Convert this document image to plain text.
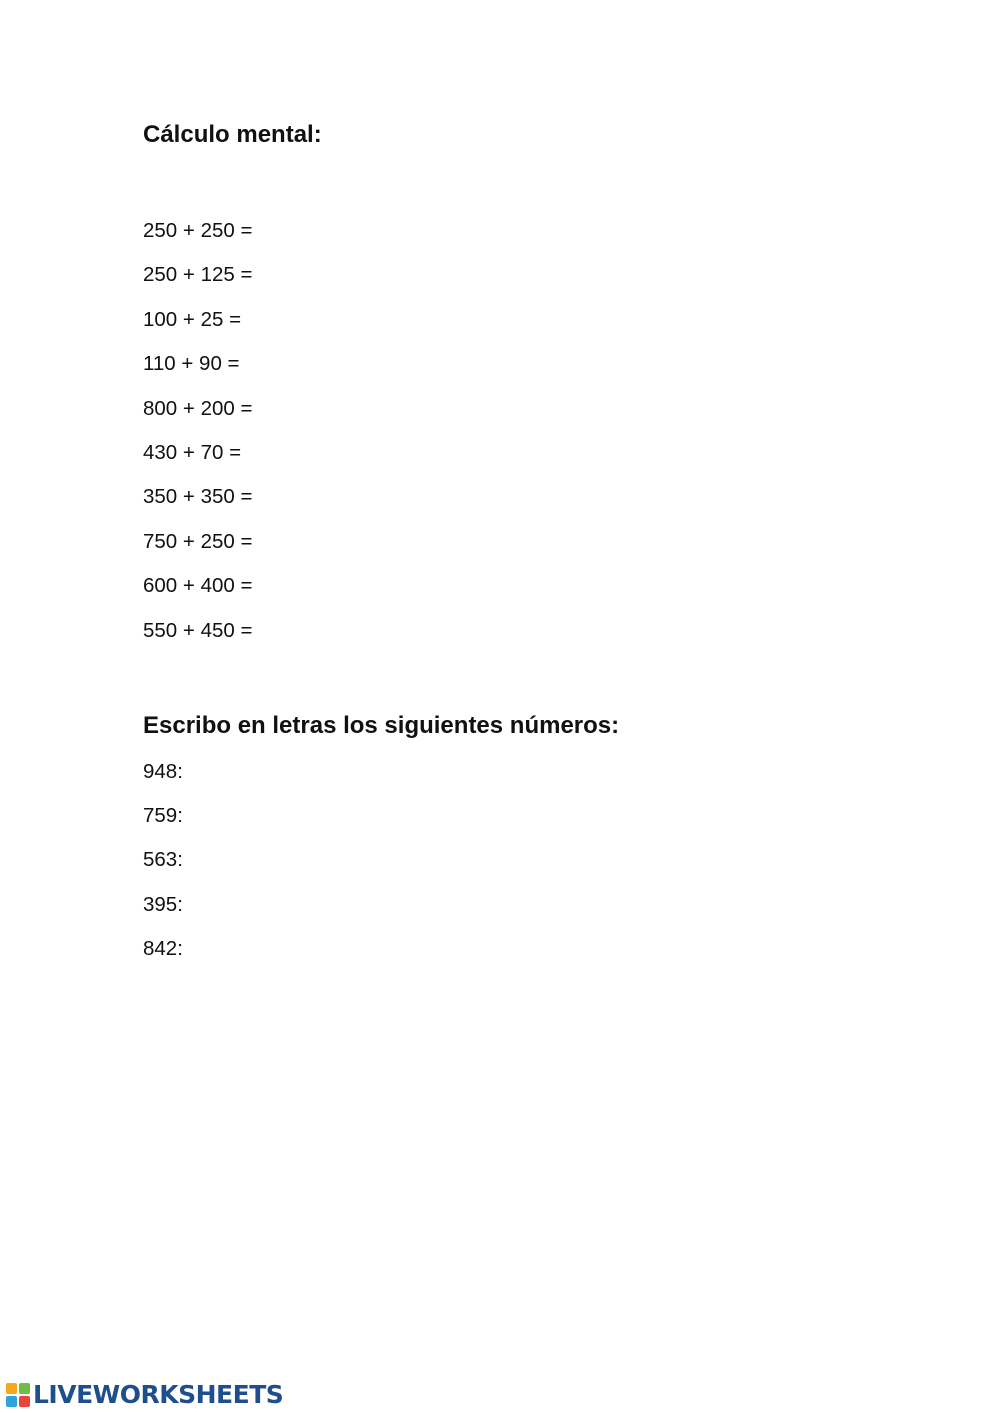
Cálculo mental:
250 + 250 =
250 + 125 =
100 + 25 =
110 + 90 =
800 + 200 =
430 + 70 =
350 + 350 =
750 + 250 =
600 + 400 =
550 + 450 =
Escribo en letras los siguientes números:
948:
759:
563:
395:
842:
LIVEWORKSHEETS
